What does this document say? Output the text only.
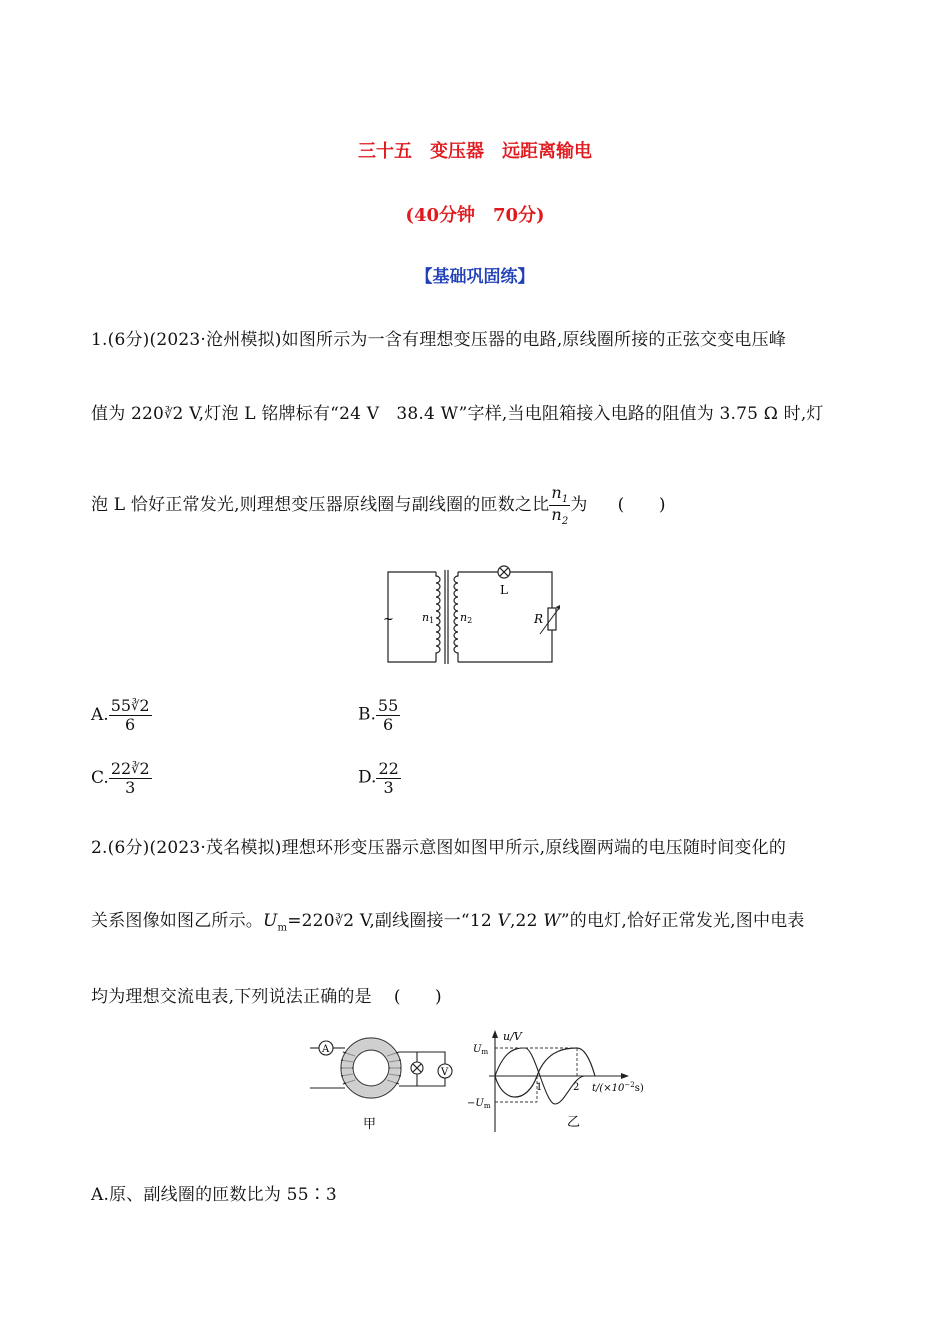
三十五　变压器　远距离输电
(40分钟　70分)
【基础巩固练】
1.(6分)(2023·沧州模拟)如图所示为一含有理想变压器的电路,原线圈所接的正弦交变电压峰
值为 220∛2 V,灯泡 L 铭牌标有“24 V　38.4 W”字样,当电阻箱接入电路的阻值为 3.75 Ω 时,灯
泡 L 恰好正常发光,则理想变压器原线圈与副线圈的匝数之比 $\frac{n_1}{n_2}$ 为 (　　)
~	n1 n2
L
R
A. $\frac{55∛2}{6}$	B. $\frac{55}{6}$
C. $\frac{22∛2}{3}$	D. $\frac{22}{3}$
2.(6分)(2023·茂名模拟)理想环形变压器示意图如图甲所示,原线圈两端的电压随时间变化的
关系图像如图乙所示。$U_m=220∛2$ V,副线圈接一“12 V,22 W”的电灯,恰好正常发光,图中电表
均为理想交流电表,下列说法正确的是 (　　)
A
V
甲
u/V
$U_m$
$-U_m$
1	2 $t/(\times 10^{-2}s)$
乙
A.原、副线圈的匝数比为 55∶3
